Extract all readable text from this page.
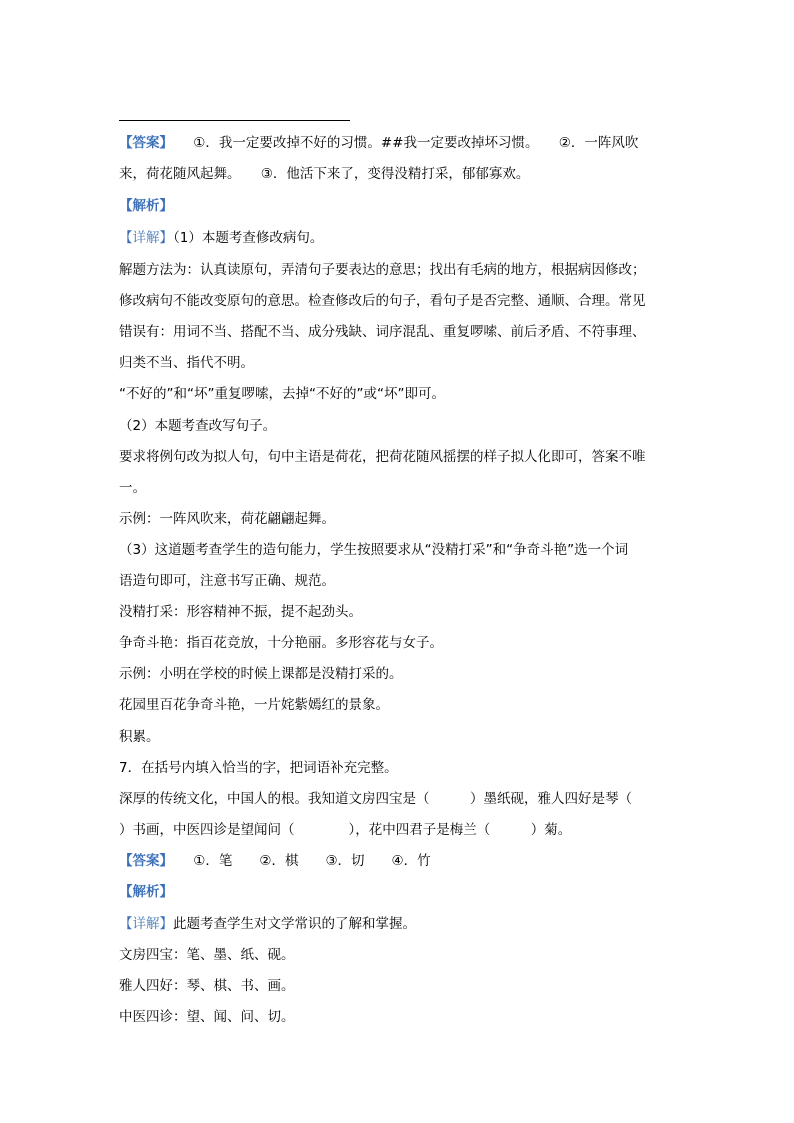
【答案】　　①．我一定要改掉不好的习惯。##我一定要改掉坏习惯。　　②．一阵风吹
来，荷花随风起舞。　　③．他活下来了，变得没精打采，郁郁寡欢。
【解析】
【详解】（1）本题考查修改病句。
解题方法为：认真读原句，弄清句子要表达的意思；找出有毛病的地方，根据病因修改；
修改病句不能改变原句的意思。检查修改后的句子，看句子是否完整、通顺、合理。常见
错误有：用词不当、搭配不当、成分残缺、词序混乱、重复啰嗦、前后矛盾、不符事理、
归类不当、指代不明。
“不好的”和“坏”重复啰嗦，去掉“不好的”或“坏”即可。
（2）本题考查改写句子。
要求将例句改为拟人句，句中主语是荷花，把荷花随风摇摆的样子拟人化即可，答案不唯
一。
示例：一阵风吹来，荷花翩翩起舞。
（3）这道题考查学生的造句能力，学生按照要求从“没精打采”和“争奇斗艳”选一个词
语造句即可，注意书写正确、规范。
没精打采：形容精神不振，提不起劲头。
争奇斗艳：指百花竞放，十分艳丽。多形容花与女子。
示例：小明在学校的时候上课都是没精打采的。
花园里百花争奇斗艳，一片姹紫嫣红的景象。
积累。
7．在括号内填入恰当的字，把词语补充完整。
深厚的传统文化，中国人的根。我知道文房四宝是（　　　）墨纸砚，雅人四好是琴（
）书画，中医四诊是望闻问（　　　　），花中四君子是梅兰（　　　）菊。
【答案】　　①．笔　　②．棋　　③．切　　④．竹
【解析】
【详解】此题考查学生对文学常识的了解和掌握。
文房四宝：笔、墨、纸、砚。
雅人四好：琴、棋、书、画。
中医四诊：望、闻、问、切。
